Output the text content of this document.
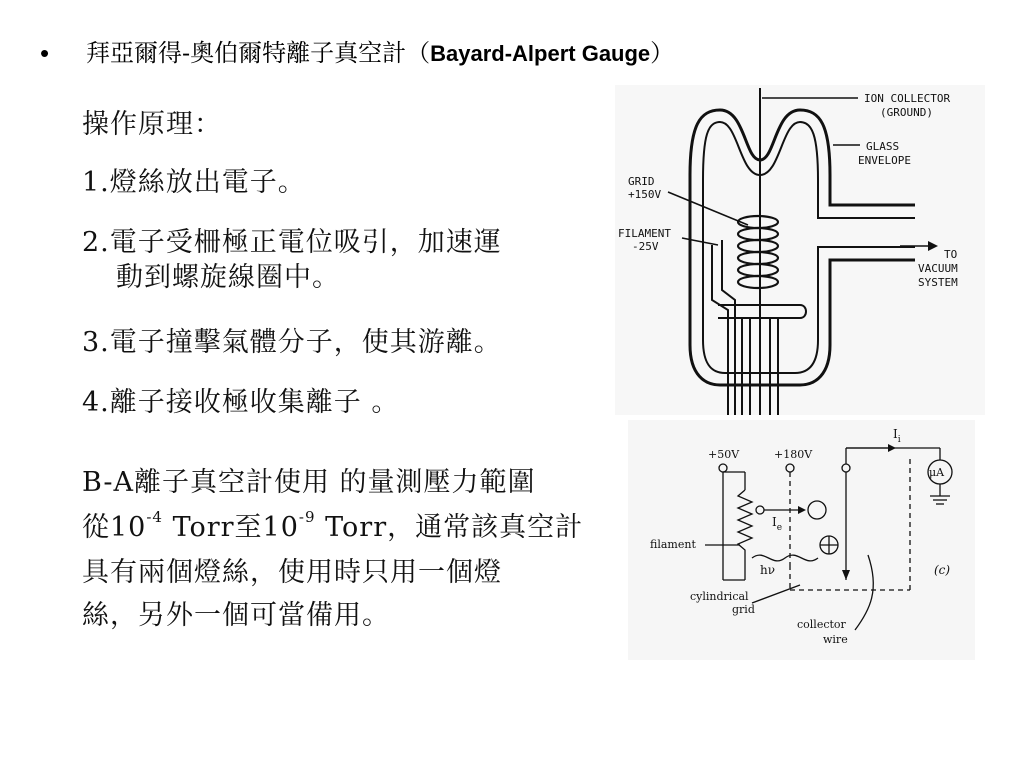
• 拜亞爾得-奧伯爾特離子真空計（Bayard-Alpert Gauge）
操作原理：
1.燈絲放出電子。
2.電子受柵極正電位吸引，加速運
動到螺旋線圈中。
3.電子撞擊氣體分子，使其游離。
4.離子接收極收集離子 。
B-A離子真空計使用 的量測壓力範圍
從$10^{-4}$ Torr至$10^{-9}$ Torr，通常該真空計
具有兩個燈絲，使用時只用一個燈
絲，另外一個可當備用。
ION COLLECTOR
(GROUND)
GLASS
ENVELOPE
GRID
+150V
FILAMENT
-25V
TO
VACUUM
SYSTEM
+50V	+180V
$I_i$
$I_e$
μA
filament
hν
cylindrical
grid
collector
wire
(c)
